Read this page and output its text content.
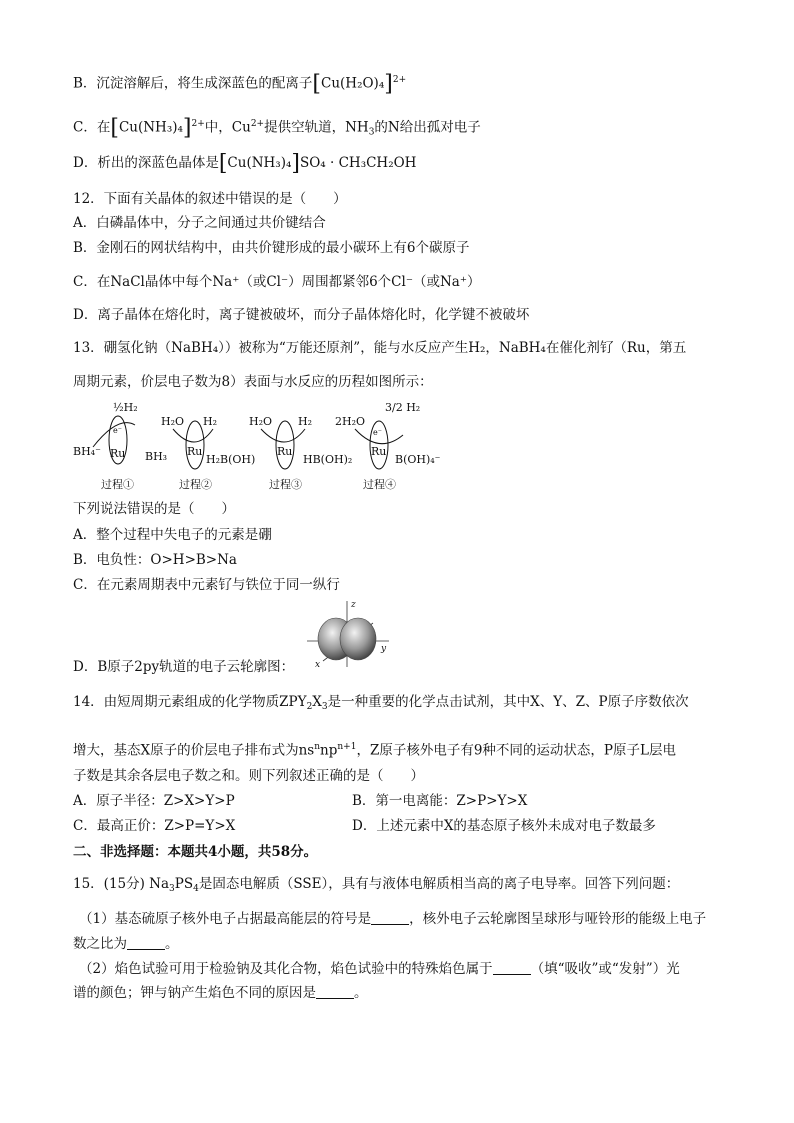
B．沉淀溶解后，将生成深蓝色的配离子$[Cu(H_2O)_4]^{2+}$
C．在$[Cu(NH_3)_4]^{2+}$中，$Cu^{2+}$提供空轨道，$NH_3$的N给出孤对电子
D．析出的深蓝色晶体是[Cu(NH₃)₄]SO₄ · CH₃CH₂OH
12．下面有关晶体的叙述中错误的是（　　）
A．白磷晶体中，分子之间通过共价键结合
B．金刚石的网状结构中，由共价键形成的最小碳环上有6个碳原子
C．在NaCl晶体中每个Na⁺（或Cl⁻）周围都紧邻6个Cl⁻（或Na⁺）
D．离子晶体在熔化时，离子键被破坏，而分子晶体熔化时，化学键不被破坏
13．硼氢化钠（NaBH₄））被称为“万能还原剂”，能与水反应产生H₂，NaBH₄在催化剂钌（Ru，第五
周期元素，价层电子数为8）表面与水反应的历程如图所示：
½H₂
BH₄⁻ Ru
e⁻
BH₃
H₂O H₂
Ru
H₂B(OH)
H₂O H₂
Ru
HB(OH)₂
2H₂O
3/2 H₂
Ru
e⁻
B(OH)₄⁻
过程①	过程②	过程③	过程④
下列说法错误的是（　　）
A．整个过程中失电子的元素是硼
B．电负性：O>H>B>Na
C．在元素周期表中元素钌与铁位于同一纵行
D．B原子2py轨道的电子云轮廓图：
z
y
x
14．由短周期元素组成的化学物质$ZPY_2X_3$是一种重要的化学点击试剂，其中X、Y、Z、P原子序数依次
增大，基态X原子的价层电子排布式为$ns^nnp^{n+1}$，Z原子核外电子有9种不同的运动状态，P原子L层电
子数是其余各层电子数之和。则下列叙述正确的是（　　）
A．原子半径：Z>X>Y>P	B．第一电离能：Z>P>Y>X
C．最高正价：Z>P=Y>X	D．上述元素中X的基态原子核外未成对电子数最多
二、非选择题：本题共4小题，共58分。
15．(15分) $Na_3PS_4$是固态电解质（SSE），具有与液体电解质相当高的离子电导率。回答下列问题：
（1）基态硫原子核外电子占据最高能层的符号是	，核外电子云轮廓图呈球形与哑铃形的能级上电子
数之比为	。
（2）焰色试验可用于检验钠及其化合物，焰色试验中的特殊焰色属于	（填“吸收”或“发射”）光
谱的颜色；钾与钠产生焰色不同的原因是	。
